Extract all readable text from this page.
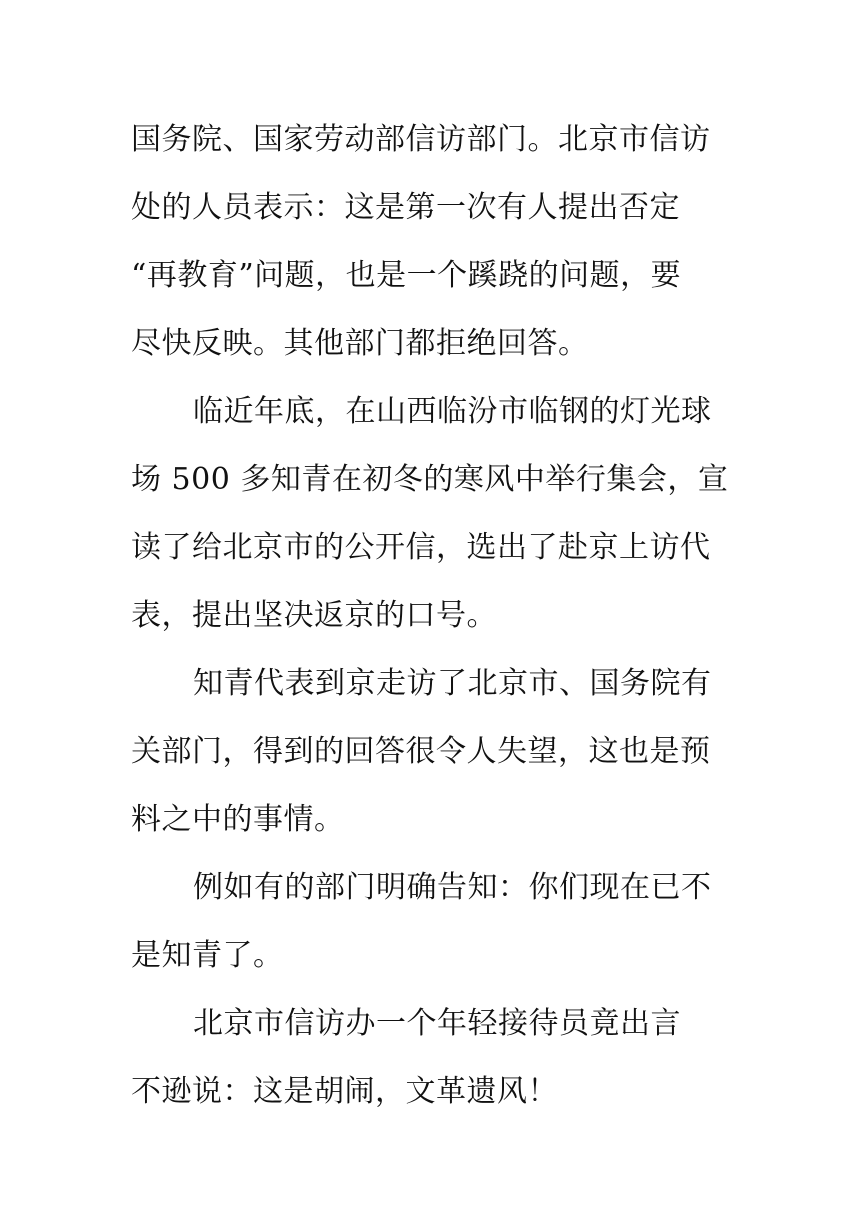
国务院、国家劳动部信访部门。北京市信访
处的人员表示：这是第一次有人提出否定
“再教育”问题，也是一个蹊跷的问题，要
尽快反映。其他部门都拒绝回答。
临近年底，在山西临汾市临钢的灯光球
场 500 多知青在初冬的寒风中举行集会，宣
读了给北京市的公开信，选出了赴京上访代
表，提出坚决返京的口号。
知青代表到京走访了北京市、国务院有
关部门，得到的回答很令人失望，这也是预
料之中的事情。
例如有的部门明确告知：你们现在已不
是知青了。
北京市信访办一个年轻接待员竟出言
不逊说：这是胡闹，文革遗风！
